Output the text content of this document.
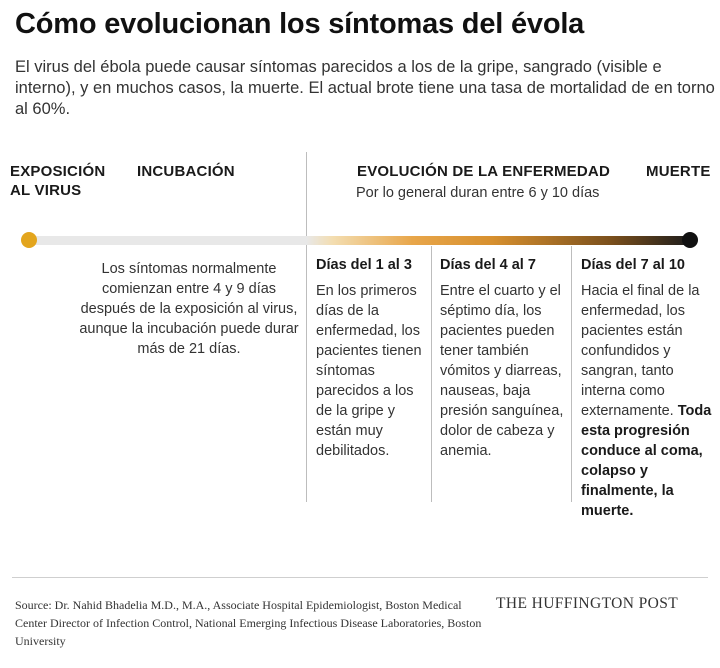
Cómo evolucionan los síntomas del évola
El virus del ébola puede causar síntomas parecidos a los de la gripe, sangrado (visible e interno), y en muchos casos, la muerte. El actual brote tiene una tasa de mortalidad de en torno al 60%.
EXPOSICIÓN
AL VIRUS
INCUBACIÓN	EVOLUCIÓN DE LA ENFERMEDAD MUERTE
Por lo general duran entre 6 y 10 días
Los síntomas normalmente comienzan entre 4 y 9 días después de la exposición al virus, aunque la incubación puede durar más de 21 días.
Días del 1 al 3
En los primeros días de la enfermedad, los pacientes tienen síntomas parecidos a los de la gripe y están muy debilitados.
Días del 4 al 7
Entre el cuarto y el séptimo día, los pacientes pueden tener también vómitos y diarreas, nauseas, baja presión sanguínea, dolor de cabeza y anemia.
Días del 7 al 10
Hacia el final de la enfermedad, los pacientes están confundidos y sangran, tanto interna como externamente. Toda esta progresión conduce al coma, colapso y finalmente, la muerte.
Source: Dr. Nahid Bhadelia M.D., M.A., Associate Hospital Epidemiologist, Boston Medical Center Director of Infection Control, National Emerging Infectious Disease Laboratories, Boston University
THE HUFFINGTON POST
